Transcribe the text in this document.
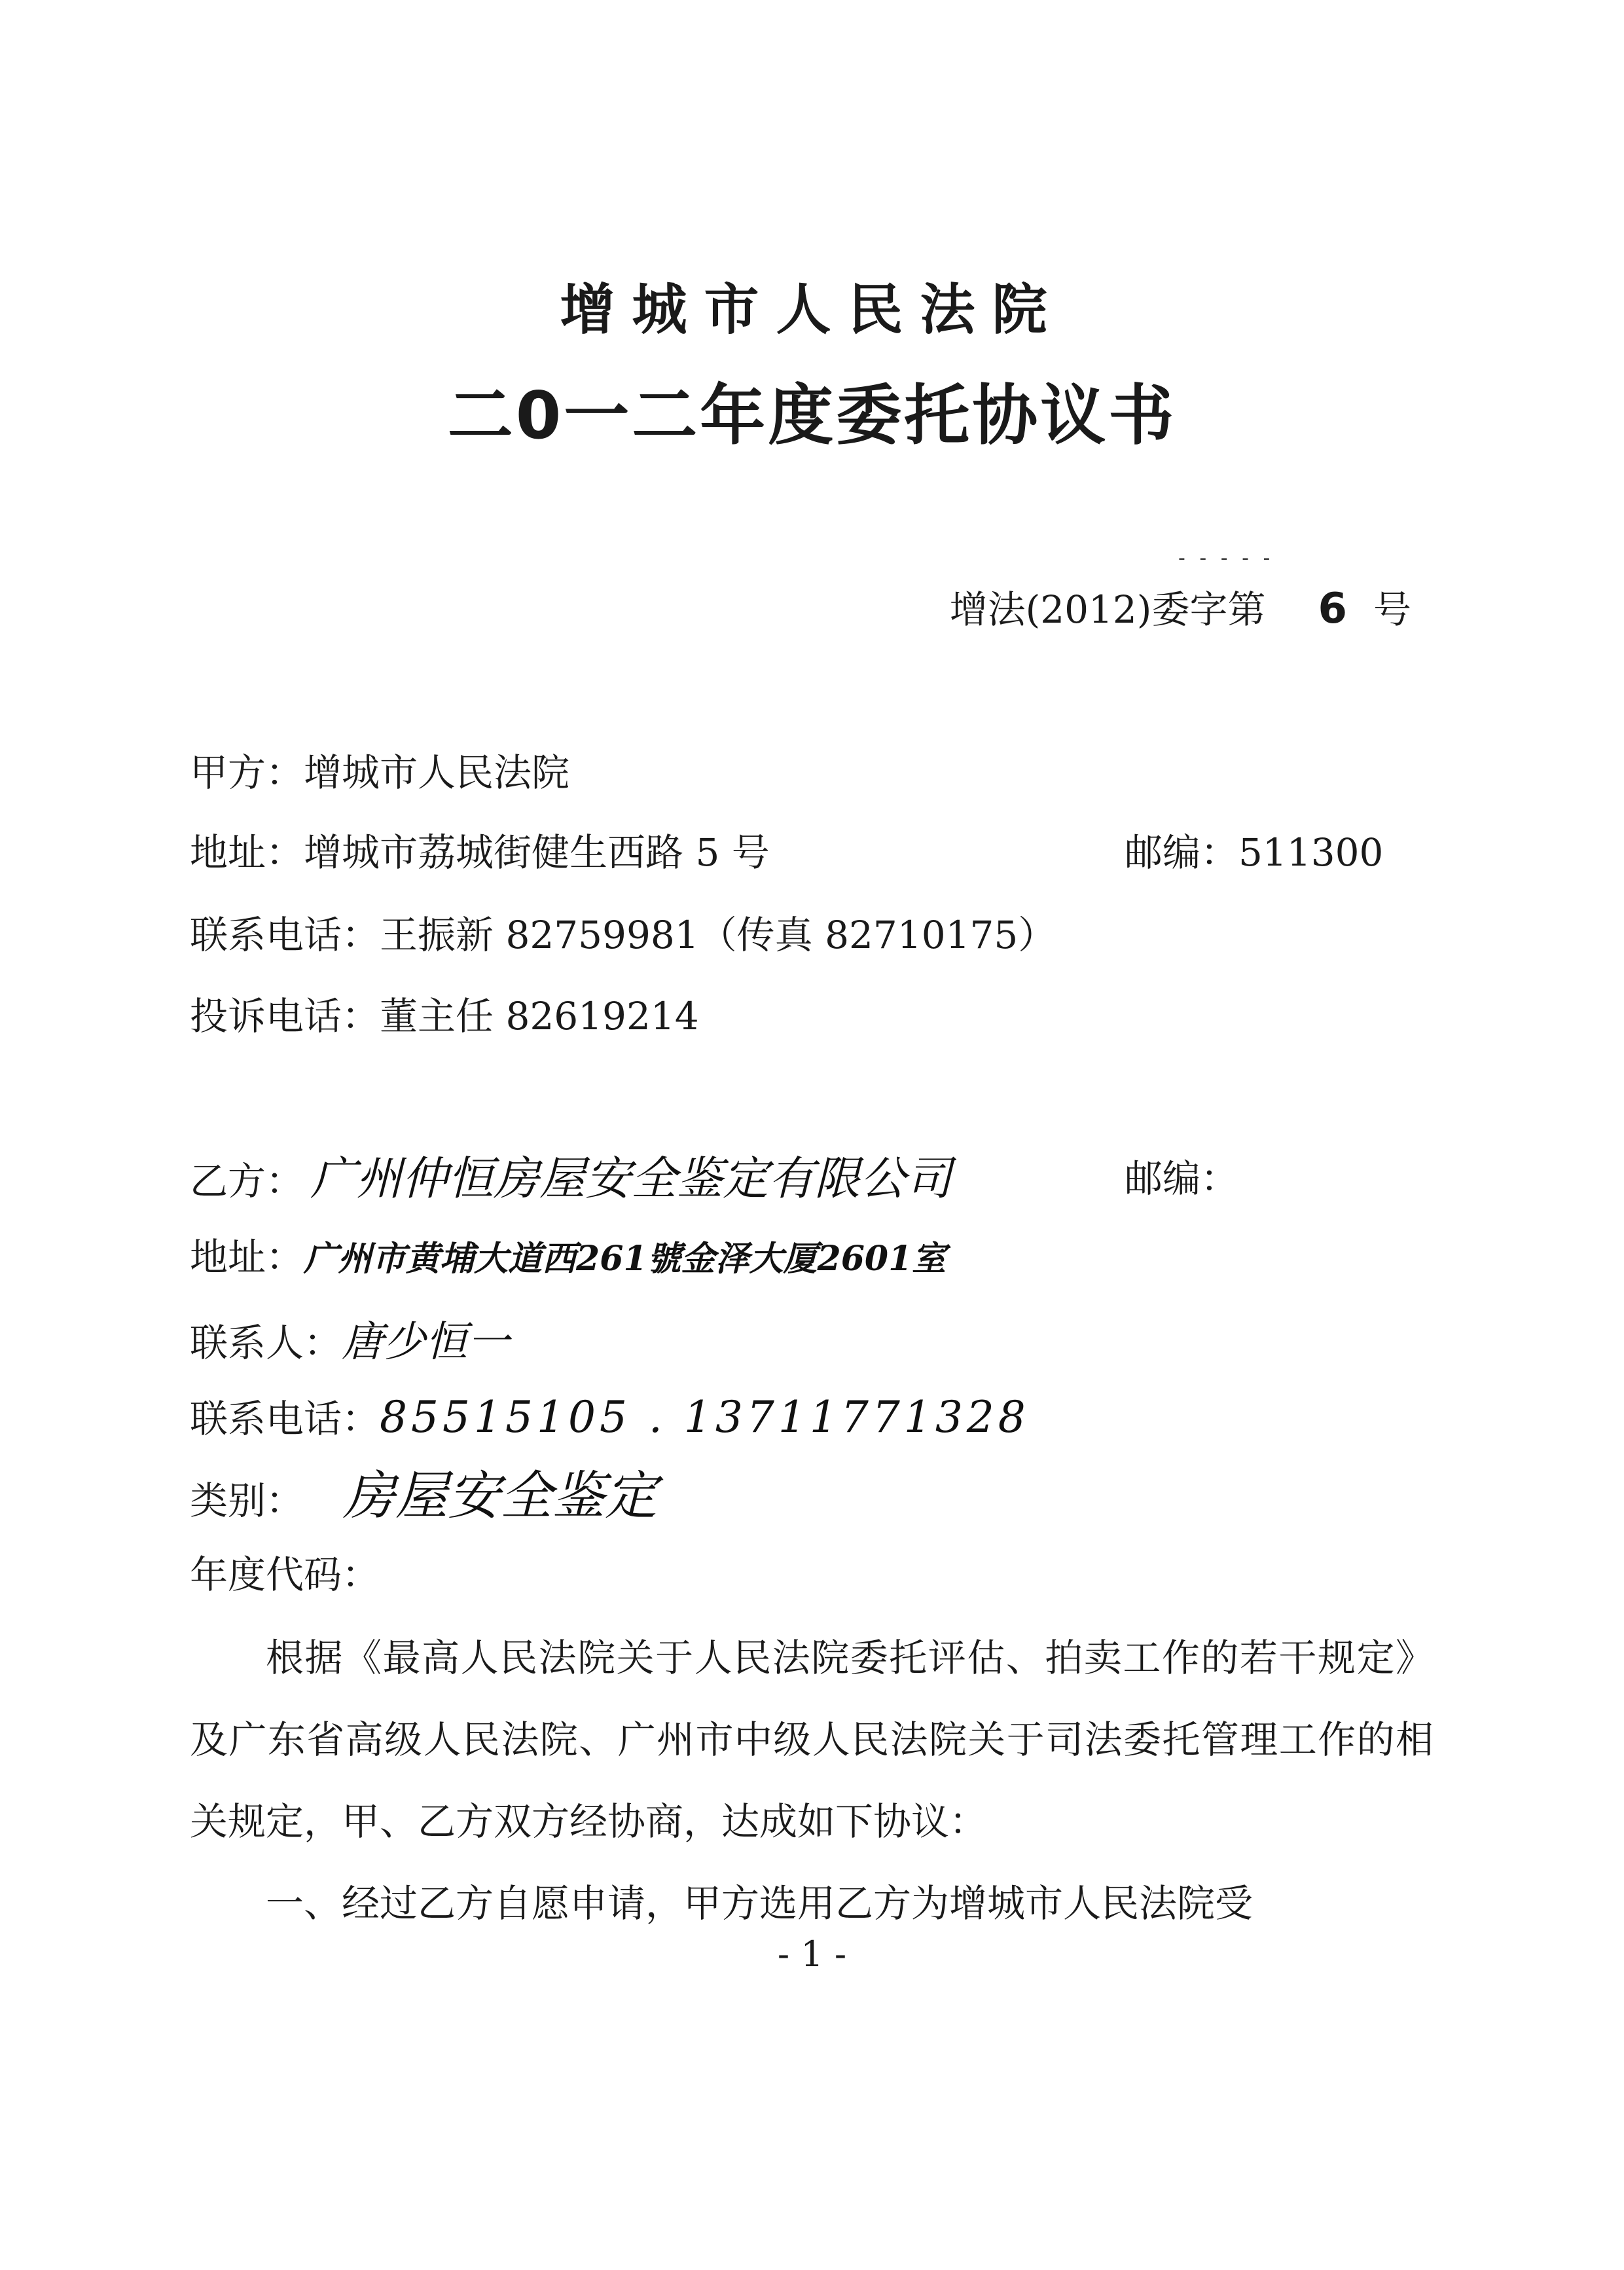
增城市人民法院
二0一二年度委托协议书
- - - - -
增法(2012)委字第 6 号
甲方：增城市人民法院
地址：增城市荔城街健生西路 5 号	邮编：511300
联系电话：王振新 82759981（传真 82710175）
投诉电话：董主任 82619214
乙方： 广州仲恒房屋安全鉴定有限公司	邮编：
地址：广州市黄埔大道西261號金泽大厦2601室
联系人：唐少恒一
联系电话：85515105 . 13711771328
类别： 房屋安全鉴定
年度代码：

根据《最高人民法院关于人民法院委托评估、拍卖工作的若干规定》及广东省高级人民法院、广州市中级人民法院关于司法委托管理工作的相关规定，甲、乙方双方经协商，达成如下协议：

一、经过乙方自愿申请，甲方选用乙方为增城市人民法院受

- 1 -
